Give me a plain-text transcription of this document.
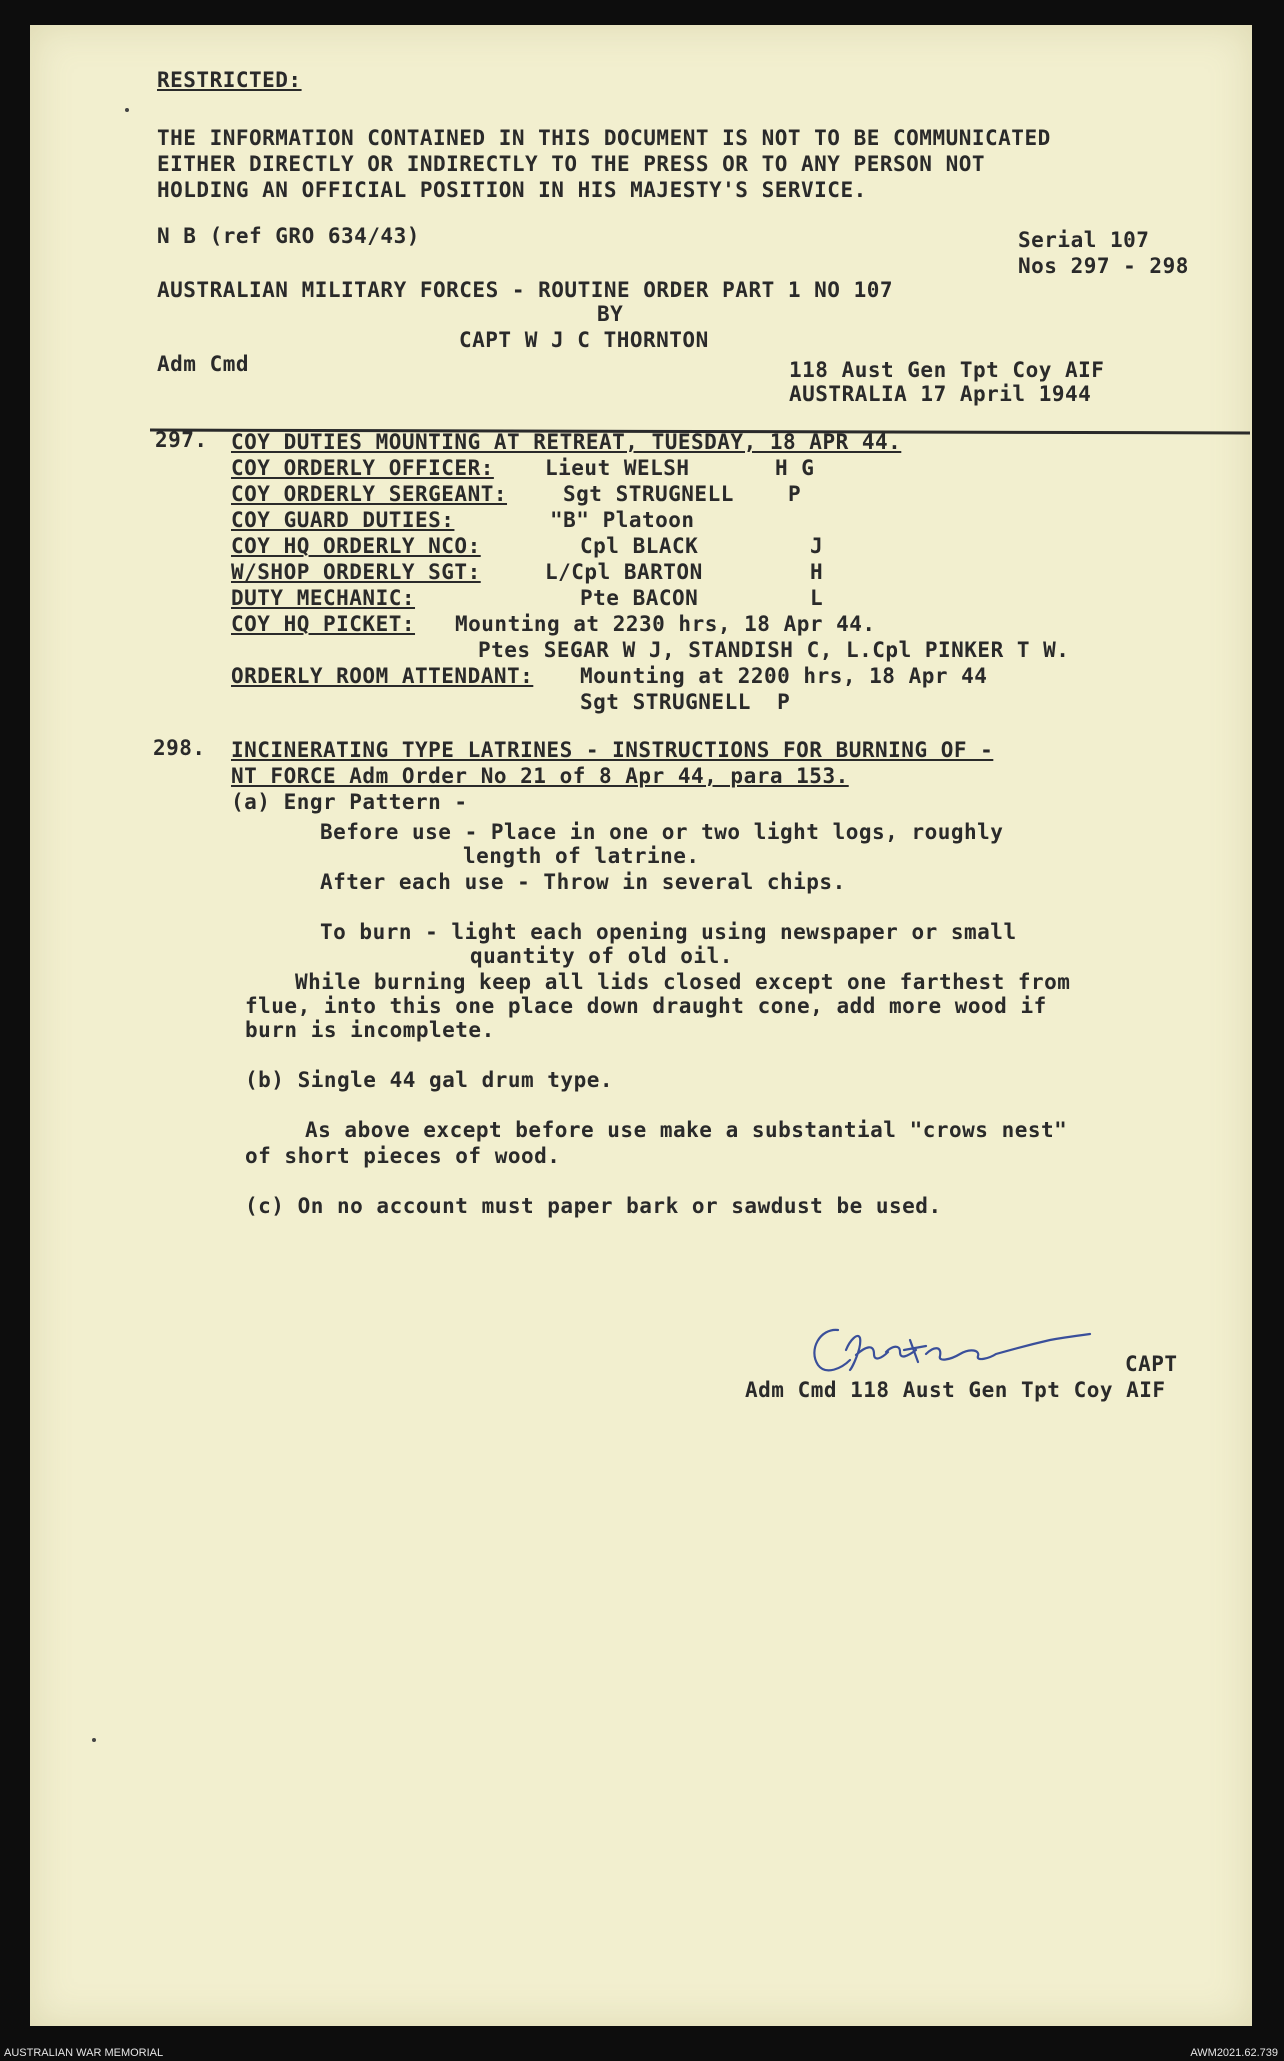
RESTRICTED:
THE INFORMATION CONTAINED IN THIS DOCUMENT IS NOT TO BE COMMUNICATED
EITHER DIRECTLY OR INDIRECTLY TO THE PRESS OR TO ANY PERSON NOT
HOLDING AN OFFICIAL POSITION IN HIS MAJESTY'S SERVICE.
N B (ref GRO 634/43)	Serial 107
Nos 297 - 298
AUSTRALIAN MILITARY FORCES - ROUTINE ORDER PART 1 NO 107
BY
CAPT W J C THORNTON
Adm Cmd	118 Aust Gen Tpt Coy AIF
AUSTRALIA 17 April 1944
297. COY DUTIES MOUNTING AT RETREAT, TUESDAY, 18 APR 44.
COY ORDERLY OFFICER: Lieut WELSH	H G
COY ORDERLY SERGEANT:	Sgt STRUGNELL	P
COY GUARD DUTIES:	"B" Platoon
COY HQ ORDERLY NCO:	Cpl BLACK	J
W/SHOP ORDERLY SGT:	L/Cpl BARTON	H
DUTY MECHANIC:	Pte BACON	L
COY HQ PICKET: Mounting at 2230 hrs, 18 Apr 44.
Ptes SEGAR W J, STANDISH C, L.Cpl PINKER T W.
ORDERLY ROOM ATTENDANT: Mounting at 2200 hrs, 18 Apr 44
Sgt STRUGNELL  P
298. INCINERATING TYPE LATRINES - INSTRUCTIONS FOR BURNING OF -
NT FORCE Adm Order No 21 of 8 Apr 44, para 153.
(a) Engr Pattern -
Before use - Place in one or two light logs, roughly
length of latrine.
After each use - Throw in several chips.
To burn - light each opening using newspaper or small
quantity of old oil.
While burning keep all lids closed except one farthest from
flue, into this one place down draught cone, add more wood if
burn is incomplete.
(b) Single 44 gal drum type.
As above except before use make a substantial "crows nest"
of short pieces of wood.
(c) On no account must paper bark or sawdust be used.
CAPT
Adm Cmd 118 Aust Gen Tpt Coy AIF
AUSTRALIAN WAR MEMORIAL	AWM2021.62.739
